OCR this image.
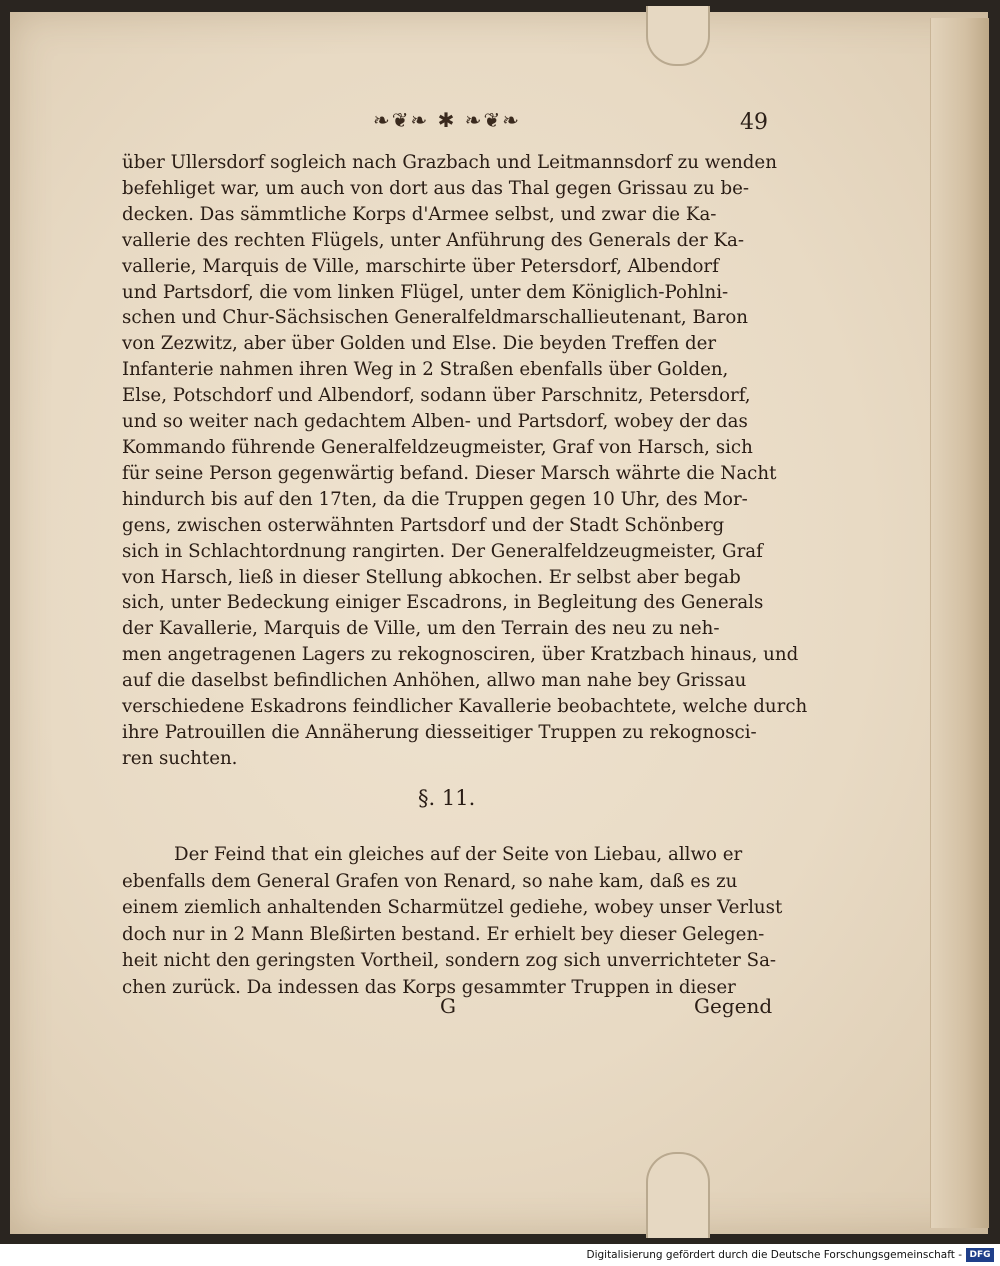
❧❦❧ ✱ ❧❦❧	49
über Ullersdorf sogleich nach Grazbach und Leitmannsdorf zu wenden
befehliget war, um auch von dort aus das Thal gegen Grissau zu be-
decken. Das sämmtliche Korps d'Armee selbst, und zwar die Ka-
vallerie des rechten Flügels, unter Anführung des Generals der Ka-
vallerie, Marquis de Ville, marschirte über Petersdorf, Albendorf
und Partsdorf, die vom linken Flügel, unter dem Königlich-Pohlni-
schen und Chur-Sächsischen Generalfeldmarschallieutenant, Baron
von Zezwitz, aber über Golden und Else. Die beyden Treffen der
Infanterie nahmen ihren Weg in 2 Straßen ebenfalls über Golden,
Else, Potschdorf und Albendorf, sodann über Parschnitz, Petersdorf,
und so weiter nach gedachtem Alben- und Partsdorf, wobey der das
Kommando führende Generalfeldzeugmeister, Graf von Harsch, sich
für seine Person gegenwärtig befand. Dieser Marsch währte die Nacht
hindurch bis auf den 17ten, da die Truppen gegen 10 Uhr, des Mor-
gens, zwischen osterwähnten Partsdorf und der Stadt Schönberg
sich in Schlachtordnung rangirten. Der Generalfeldzeugmeister, Graf
von Harsch, ließ in dieser Stellung abkochen. Er selbst aber begab
sich, unter Bedeckung einiger Escadrons, in Begleitung des Generals
der Kavallerie, Marquis de Ville, um den Terrain des neu zu neh-
men angetragenen Lagers zu rekognosciren, über Kratzbach hinaus, und
auf die daselbst befindlichen Anhöhen, allwo man nahe bey Grissau
verschiedene Eskadrons feindlicher Kavallerie beobachtete, welche durch
ihre Patrouillen die Annäherung diesseitiger Truppen zu rekognosci-
ren suchten.
§. 11.
Der Feind that ein gleiches auf der Seite von Liebau, allwo er
ebenfalls dem General Grafen von Renard, so nahe kam, daß es zu
einem ziemlich anhaltenden Scharmützel gediehe, wobey unser Verlust
doch nur in 2 Mann Bleßirten bestand. Er erhielt bey dieser Gelegen-
heit nicht den geringsten Vortheil, sondern zog sich unverrichteter Sa-
chen zurück. Da indessen das Korps gesammter Truppen in dieser
G	Gegend
Digitalisierung gefördert durch die Deutsche Forschungsgemeinschaft - DFG
